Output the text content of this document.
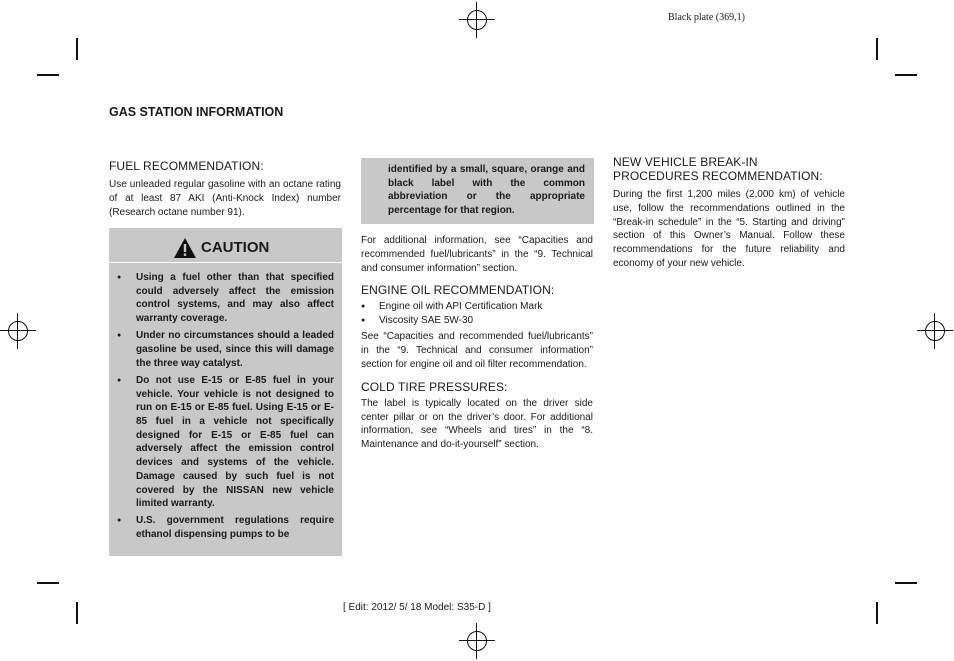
Black plate (369,1)
GAS STATION INFORMATION

FUEL RECOMMENDATION:

Use unleaded regular gasoline with an octane rating of at least 87 AKI (Anti-Knock Index) number (Research octane number 91).

CAUTION
● Using a fuel other than that specified could adversely affect the emission control systems, and may also affect warranty coverage.
● Under no circumstances should a leaded gasoline be used, since this will damage the three way catalyst.
● Do not use E-15 or E-85 fuel in your vehicle. Your vehicle is not designed to run on E-15 or E-85 fuel. Using E-15 or E-85 fuel in a vehicle not specifically designed for E-15 or E-85 fuel can adversely affect the emission control devices and systems of the vehicle. Damage caused by such fuel is not covered by the NISSAN new vehicle limited warranty.
● U.S. government regulations require ethanol dispensing pumps to be

identified by a small, square, orange and black label with the common abbreviation or the appropriate percentage for that region.

For additional information, see “Capacities and recommended fuel/lubricants” in the “9. Technical and consumer information” section.

ENGINE OIL RECOMMENDATION:

● Engine oil with API Certification Mark
● Viscosity SAE 5W-30

See “Capacities and recommended fuel/lubricants” in the “9. Technical and consumer information” section for engine oil and oil filter recommendation.

COLD TIRE PRESSURES:

The label is typically located on the driver side center pillar or on the driver’s door. For additional information, see “Wheels and tires” in the “8. Maintenance and do-it-yourself” section.

NEW VEHICLE BREAK-IN PROCEDURES RECOMMENDATION:

During the first 1,200 miles (2,000 km) of vehicle use, follow the recommendations outlined in the “Break-in schedule” in the “5. Starting and driving” section of this Owner’s Manual. Follow these recommendations for the future reliability and economy of your new vehicle.

[ Edit: 2012/ 5/ 18 Model: S35-D ]
